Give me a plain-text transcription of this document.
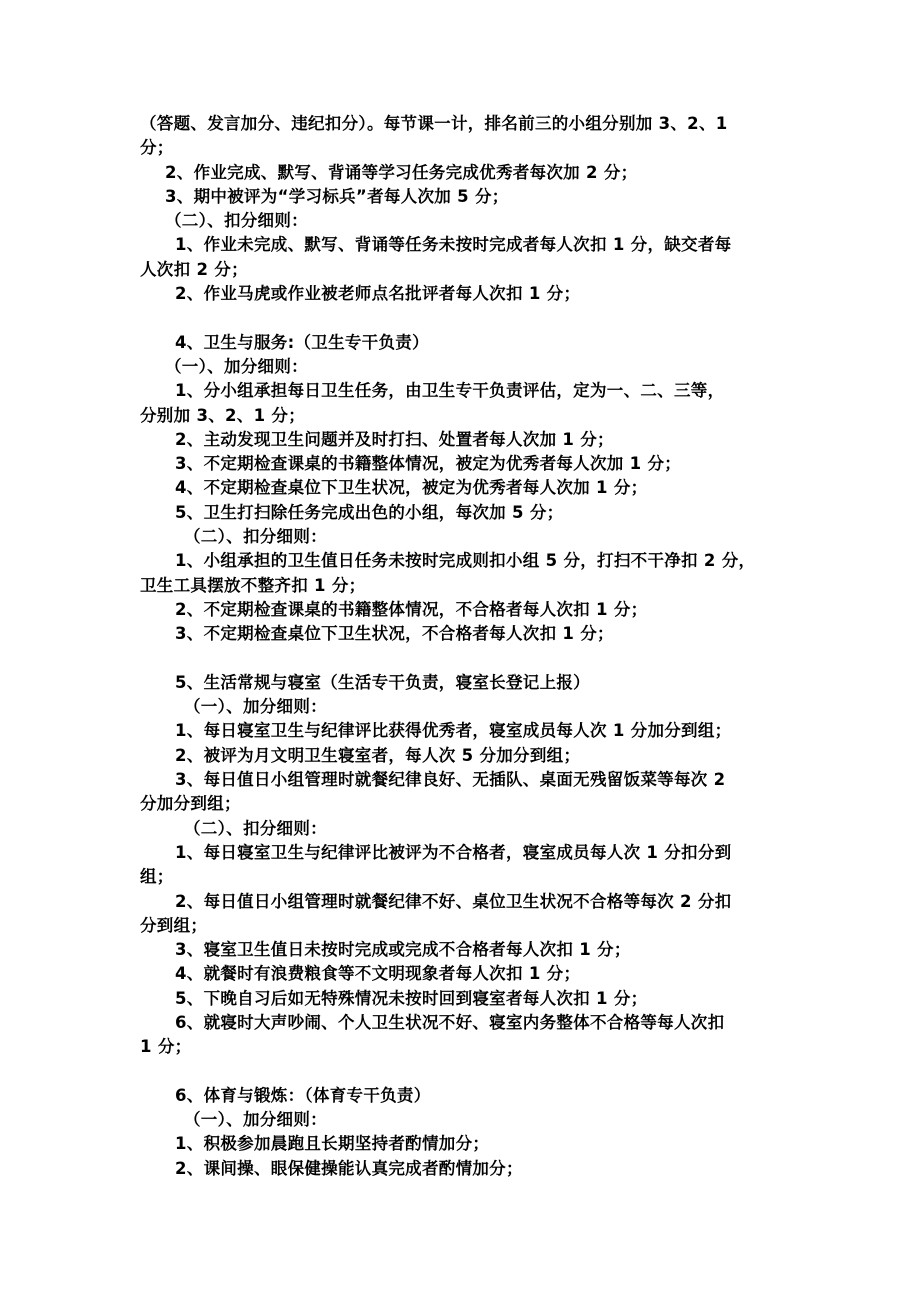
（答题、发言加分、违纪扣分）。每节课一计，排名前三的小组分别加 3、2、1
分；
2、作业完成、默写、背诵等学习任务完成优秀者每次加 2 分；
3、期中被评为“学习标兵”者每人次加 5 分；
（二）、扣分细则：
1、作业未完成、默写、背诵等任务未按时完成者每人次扣 1 分，缺交者每
人次扣 2 分；
2、作业马虎或作业被老师点名批评者每人次扣 1 分；
4、卫生与服务:（卫生专干负责）
（一）、加分细则：
1、分小组承担每日卫生任务，由卫生专干负责评估，定为一、二、三等，
分别加 3、2、1 分；
2、主动发现卫生问题并及时打扫、处置者每人次加 1 分；
3、不定期检查课桌的书籍整体情况，被定为优秀者每人次加 1 分；
4、不定期检查桌位下卫生状况，被定为优秀者每人次加 1 分；
5、卫生打扫除任务完成出色的小组，每次加 5 分；
（二）、扣分细则：
1、小组承担的卫生值日任务未按时完成则扣小组 5 分，打扫不干净扣 2 分，
卫生工具摆放不整齐扣 1 分；
2、不定期检查课桌的书籍整体情况，不合格者每人次扣 1 分；
3、不定期检查桌位下卫生状况，不合格者每人次扣 1 分；
5、生活常规与寝室（生活专干负责，寝室长登记上报）
（一）、加分细则：
1、每日寝室卫生与纪律评比获得优秀者，寝室成员每人次 1 分加分到组；
2、被评为月文明卫生寝室者，每人次 5 分加分到组；
3、每日值日小组管理时就餐纪律良好、无插队、桌面无残留饭菜等每次 2
分加分到组；
（二）、扣分细则：
1、每日寝室卫生与纪律评比被评为不合格者，寝室成员每人次 1 分扣分到
组；
2、每日值日小组管理时就餐纪律不好、桌位卫生状况不合格等每次 2 分扣
分到组；
3、寝室卫生值日未按时完成或完成不合格者每人次扣 1 分；
4、就餐时有浪费粮食等不文明现象者每人次扣 1 分；
5、下晚自习后如无特殊情况未按时回到寝室者每人次扣 1 分；
6、就寝时大声吵闹、个人卫生状况不好、寝室内务整体不合格等每人次扣
1 分；
6、体育与锻炼：（体育专干负责）
（一）、加分细则：
1、积极参加晨跑且长期坚持者酌情加分；
2、课间操、眼保健操能认真完成者酌情加分；
